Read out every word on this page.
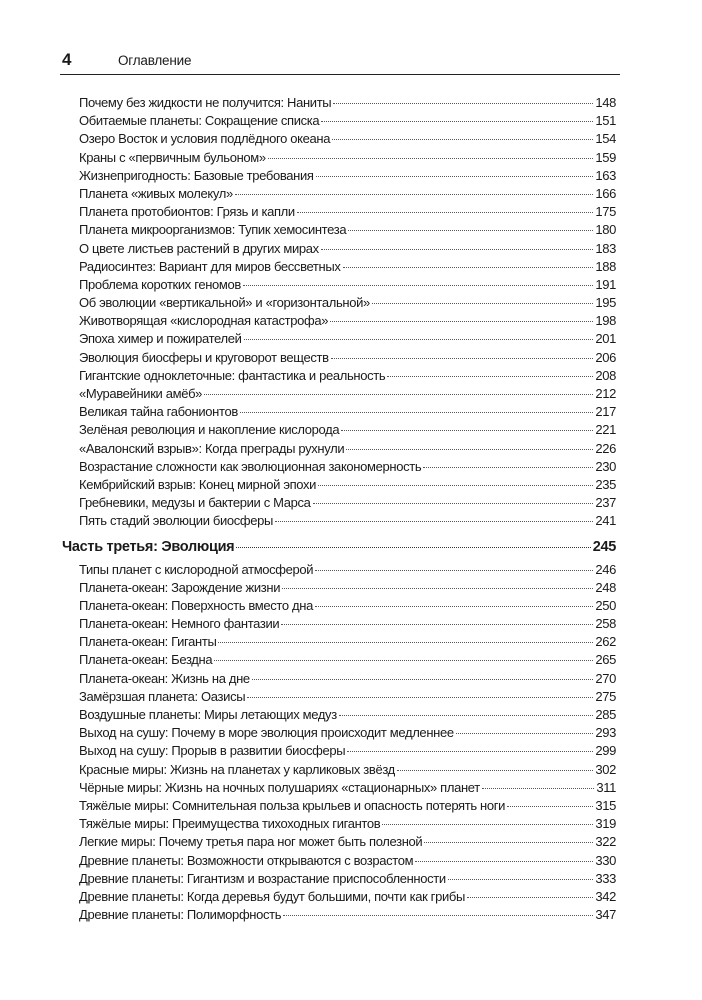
4	Оглавление
Почему без жидкости не получится: Наниты	148
Обитаемые планеты: Сокращение списка	151
Озеро Восток и условия подлёдного океана	154
Краны с «первичным бульоном»	159
Жизнепригодность: Базовые требования	163
Планета «живых молекул»	166
Планета протобионтов: Грязь и капли	175
Планета микроорганизмов: Тупик хемосинтеза	180
О цвете листьев растений в других мирах	183
Радиосинтез: Вариант для миров бессветных	188
Проблема коротких геномов	191
Об эволюции «вертикальной» и «горизонтальной»	195
Животворящая «кислородная катастрофа»	198
Эпоха химер и пожирателей	201
Эволюция биосферы и круговорот веществ	206
Гигантские одноклеточные: фантастика и реальность	208
«Муравейники амёб»	212
Великая тайна габонионтов	217
Зелёная революция и накопление кислорода	221
«Авалонский взрыв»: Когда преграды рухнули	226
Возрастание сложности как эволюционная закономерность	230
Кембрийский взрыв: Конец мирной эпохи	235
Гребневики, медузы и бактерии с Марса	237
Пять стадий эволюции биосферы	241
Часть третья: Эволюция	245
Типы планет с кислородной атмосферой	246
Планета-океан: Зарождение жизни	248
Планета-океан: Поверхность вместо дна	250
Планета-океан: Немного фантазии	258
Планета-океан: Гиганты	262
Планета-океан: Бездна	265
Планета-океан: Жизнь на дне	270
Замёрзшая планета: Оазисы	275
Воздушные планеты: Миры летающих медуз	285
Выход на сушу: Почему в море эволюция происходит медленнее	293
Выход на сушу: Прорыв в развитии биосферы	299
Красные миры: Жизнь на планетах у карликовых звёзд	302
Чёрные миры: Жизнь на ночных полушариях «стационарных» планет	311
Тяжёлые миры: Сомнительная польза крыльев и опасность потерять ноги	315
Тяжёлые миры: Преимущества тихоходных гигантов	319
Легкие миры: Почему третья пара ног может быть полезной	322
Древние планеты: Возможности открываются с возрастом	330
Древние планеты: Гигантизм и возрастание приспособленности	333
Древние планеты: Когда деревья будут большими, почти как грибы	342
Древние планеты: Полиморфность	347
